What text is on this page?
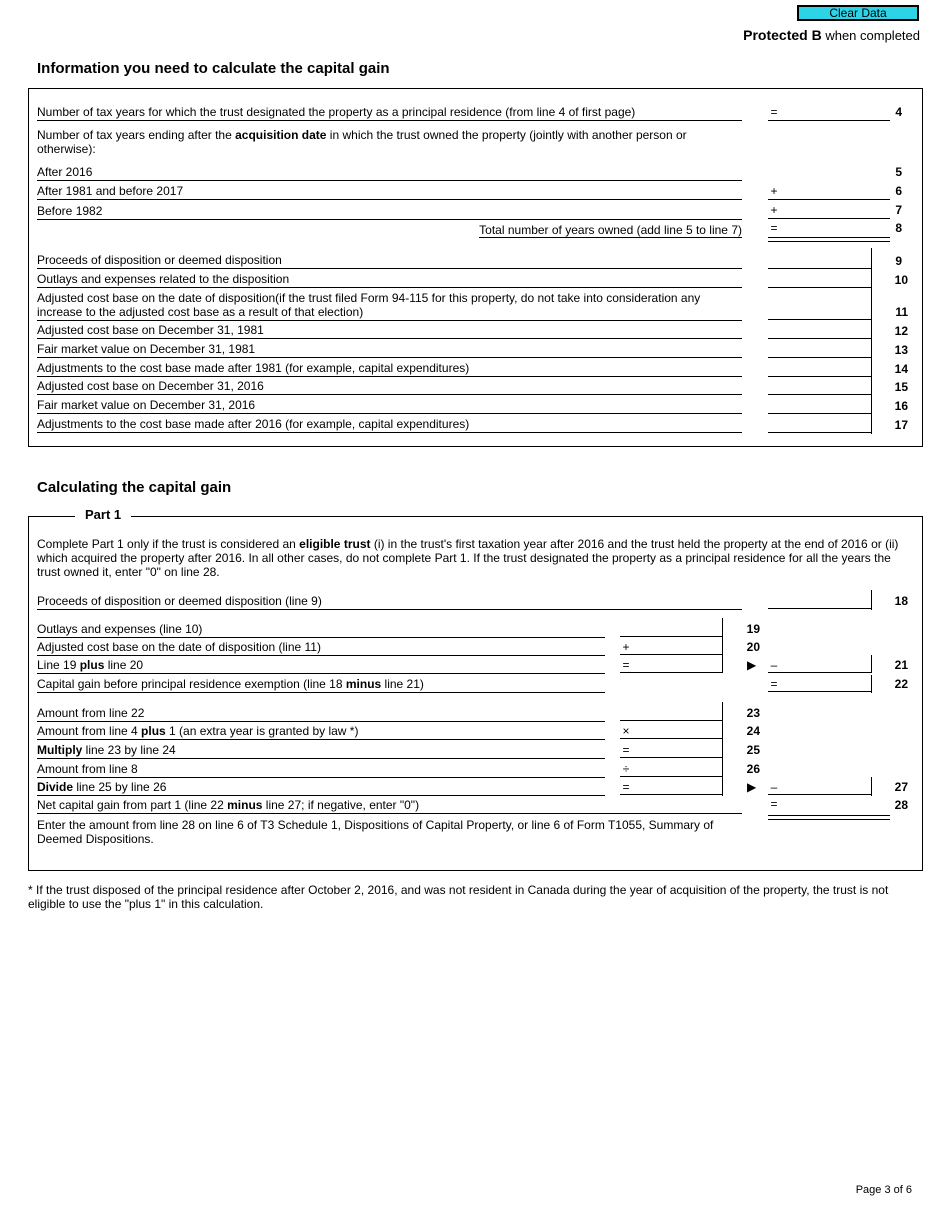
Clear Data
Protected B when completed
Information you need to calculate the capital gain
Number of tax years for which the trust designated the property as a principal residence (from line 4 of first page)	=	4
Number of tax years ending after the acquisition date in which the trust owned the property (jointly with another person or otherwise):
After 2016	5
After 1981 and before 2017	+	6
Before 1982	+	7
Total number of years owned (add line 5 to line 7) =	8
Proceeds of disposition or deemed disposition	9
Outlays and expenses related to the disposition	10
Adjusted cost base on the date of disposition(if the trust filed Form 94-115 for this property, do not take into consideration any increase to the adjusted cost base as a result of that election)	11
Adjusted cost base on December 31, 1981	12
Fair market value on December 31, 1981	13
Adjustments to the cost base made after 1981 (for example, capital expenditures)	14
Adjusted cost base on December 31, 2016	15
Fair market value on December 31, 2016	16
Adjustments to the cost base made after 2016 (for example, capital expenditures)	17
Calculating the capital gain
Part 1
Complete Part 1 only if the trust is considered an eligible trust (i) in the trust's first taxation year after 2016 and the trust held the property at the end of 2016 or (ii) which acquired the property after 2016. In all other cases, do not complete Part 1. If the trust designated the property as a principal residence for all the years the trust owned it, enter "0" on line 28.
Proceeds of disposition or deemed disposition (line 9)	18
Outlays and expenses (line 10)	19
Adjusted cost base on the date of disposition (line 11)	+	20
Line 19 plus line 20	=	▶ –	21
Capital gain before principal residence exemption (line 18 minus line 21)	=	22
Amount from line 22	23
Amount from line 4 plus 1 (an extra year is granted by law *)	×	24
Multiply line 23 by line 24	=	25
Amount from line 8	÷	26
Divide line 25 by line 26	=	▶ –	27
Net capital gain from part 1 (line 22 minus line 27; if negative, enter "0")	=	28
Enter the amount from line 28 on line 6 of T3 Schedule 1, Dispositions of Capital Property, or line 6 of Form T1055, Summary of Deemed Dispositions.
* If the trust disposed of the principal residence after October 2, 2016, and was not resident in Canada during the year of acquisition of the property, the trust is not eligible to use the "plus 1" in this calculation.
Page 3 of 6
